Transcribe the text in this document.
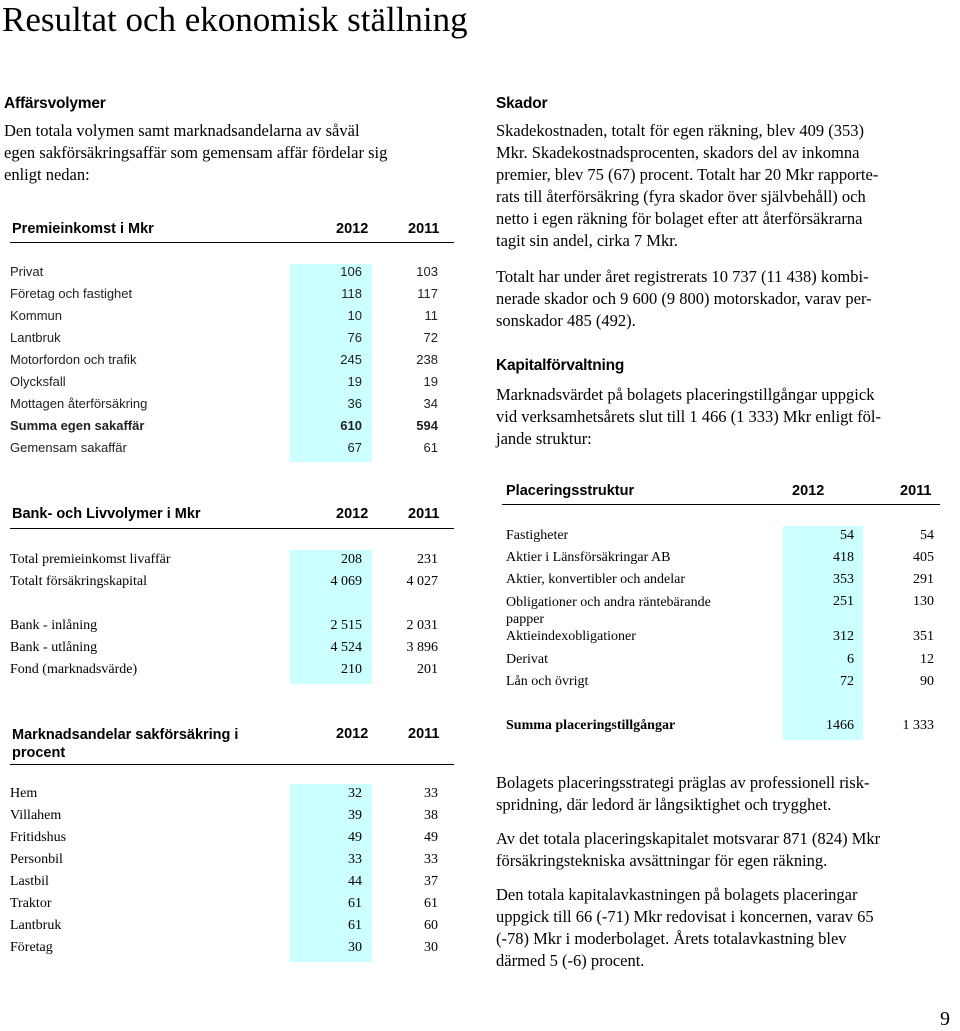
Resultat och ekonomisk ställning
Affärsvolymer
Den totala volymen samt marknadsandelarna av såväl
egen sakförsäkringsaffär som gemensam affär fördelar sig
enligt nedan:
Premieinkomst i Mkr	2012	2011
Privat	106	103
Företag och fastighet	118	117
Kommun	10	11
Lantbruk	76	72
Motorfordon och trafik	245	238
Olycksfall	19	19
Mottagen återförsäkring	36	34
Summa egen sakaffär	610	594
Gemensam sakaffär	67	61
Bank- och Livvolymer i Mkr	2012	2011
Total premieinkomst livaffär	208	231
Totalt försäkringskapital	4 069	4 027
Bank - inlåning	2 515	2 031
Bank - utlåning	4 524	3 896
Fond (marknadsvärde)	210	201
Marknadsandelar sakförsäkring i
procent
2012	2011
Hem	32	33
Villahem	39	38
Fritidshus	49	49
Personbil	33	33
Lastbil	44	37
Traktor	61	61
Lantbruk	61	60
Företag	30	30
Skador
Skadekostnaden, totalt för egen räkning, blev 409 (353)
Mkr. Skadekostnadsprocenten, skadors del av inkomna
premier, blev 75 (67) procent. Totalt har 20 Mkr rapporte-
rats till återförsäkring (fyra skador över självbehåll) och
netto i egen räkning för bolaget efter att återförsäkrarna
tagit sin andel, cirka 7 Mkr.
Totalt har under året registrerats 10 737 (11 438) kombi-
nerade skador och 9 600 (9 800) motorskador, varav per-
sonskador 485 (492).
Kapitalförvaltning
Marknadsvärdet på bolagets placeringstillgångar uppgick
vid verksamhetsårets slut till 1 466 (1 333) Mkr enligt föl-
jande struktur:
Placeringsstruktur	2012	2011
Fastigheter	54	54
Aktier i Länsförsäkringar AB	418	405
Aktier, konvertibler och andelar	353	291
Obligationer och andra räntebärande
papper
251	130
Aktieindexobligationer	312	351
Derivat	6	12
Lån och övrigt	72	90
Summa placeringstillgångar	1466	1 333
Bolagets placeringsstrategi präglas av professionell risk-
spridning, där ledord är långsiktighet och trygghet.
Av det totala placeringskapitalet motsvarar 871 (824) Mkr
försäkringstekniska avsättningar för egen räkning.
Den totala kapitalavkastningen på bolagets placeringar
uppgick till 66 (-71) Mkr redovisat i koncernen, varav 65
(-78) Mkr i moderbolaget. Årets totalavkastning blev
därmed 5 (-6) procent.
9
